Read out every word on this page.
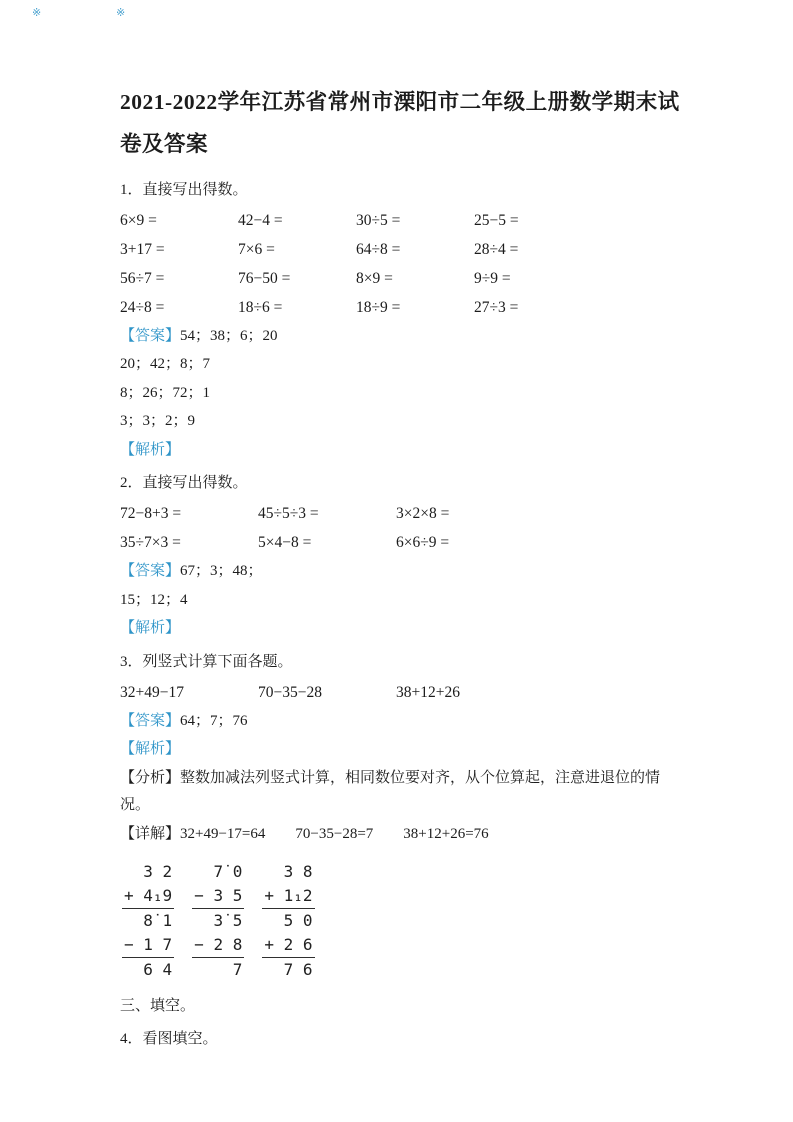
※	※
2021-2022学年江苏省常州市溧阳市二年级上册数学期末试
卷及答案

1．直接写出得数。

6×9 =	42−4 =	30÷5 =	25−5 =
3+17 =	7×6 =	64÷8 =	28÷4 =
56÷7 =	76−50 =	8×9 =	9÷9 =
24÷8 =	18÷6 =	18÷9 =	27÷3 =

【答案】54；38；6；20

20；42；8；7

8；26；72；1

3；3；2；9

【解析】

2．直接写出得数。

72−8+3 =	45÷5÷3 =	3×2×8 =
35÷7×3 =	5×4−8 =	6×6÷9 =

【答案】67；3；48；

15；12；4

【解析】

3．列竖式计算下面各题。

32+49−17	70−35−28	38+12+26

【答案】64；7；76

【解析】

【分析】整数加减法列竖式计算，相同数位要对齐，从个位算起，注意进退位的情况。

【详解】32+49−17=64　　70−35−28=7　　38+12+26=76

3 2
+ 4₁9
8̇ 1
− 1 7
6 4
7̇ 0
− 3 5
3̇ 5
− 2 8
7
3 8
+ 1₁2
5 0
+ 2 6
7 6

三、填空。

4．看图填空。
